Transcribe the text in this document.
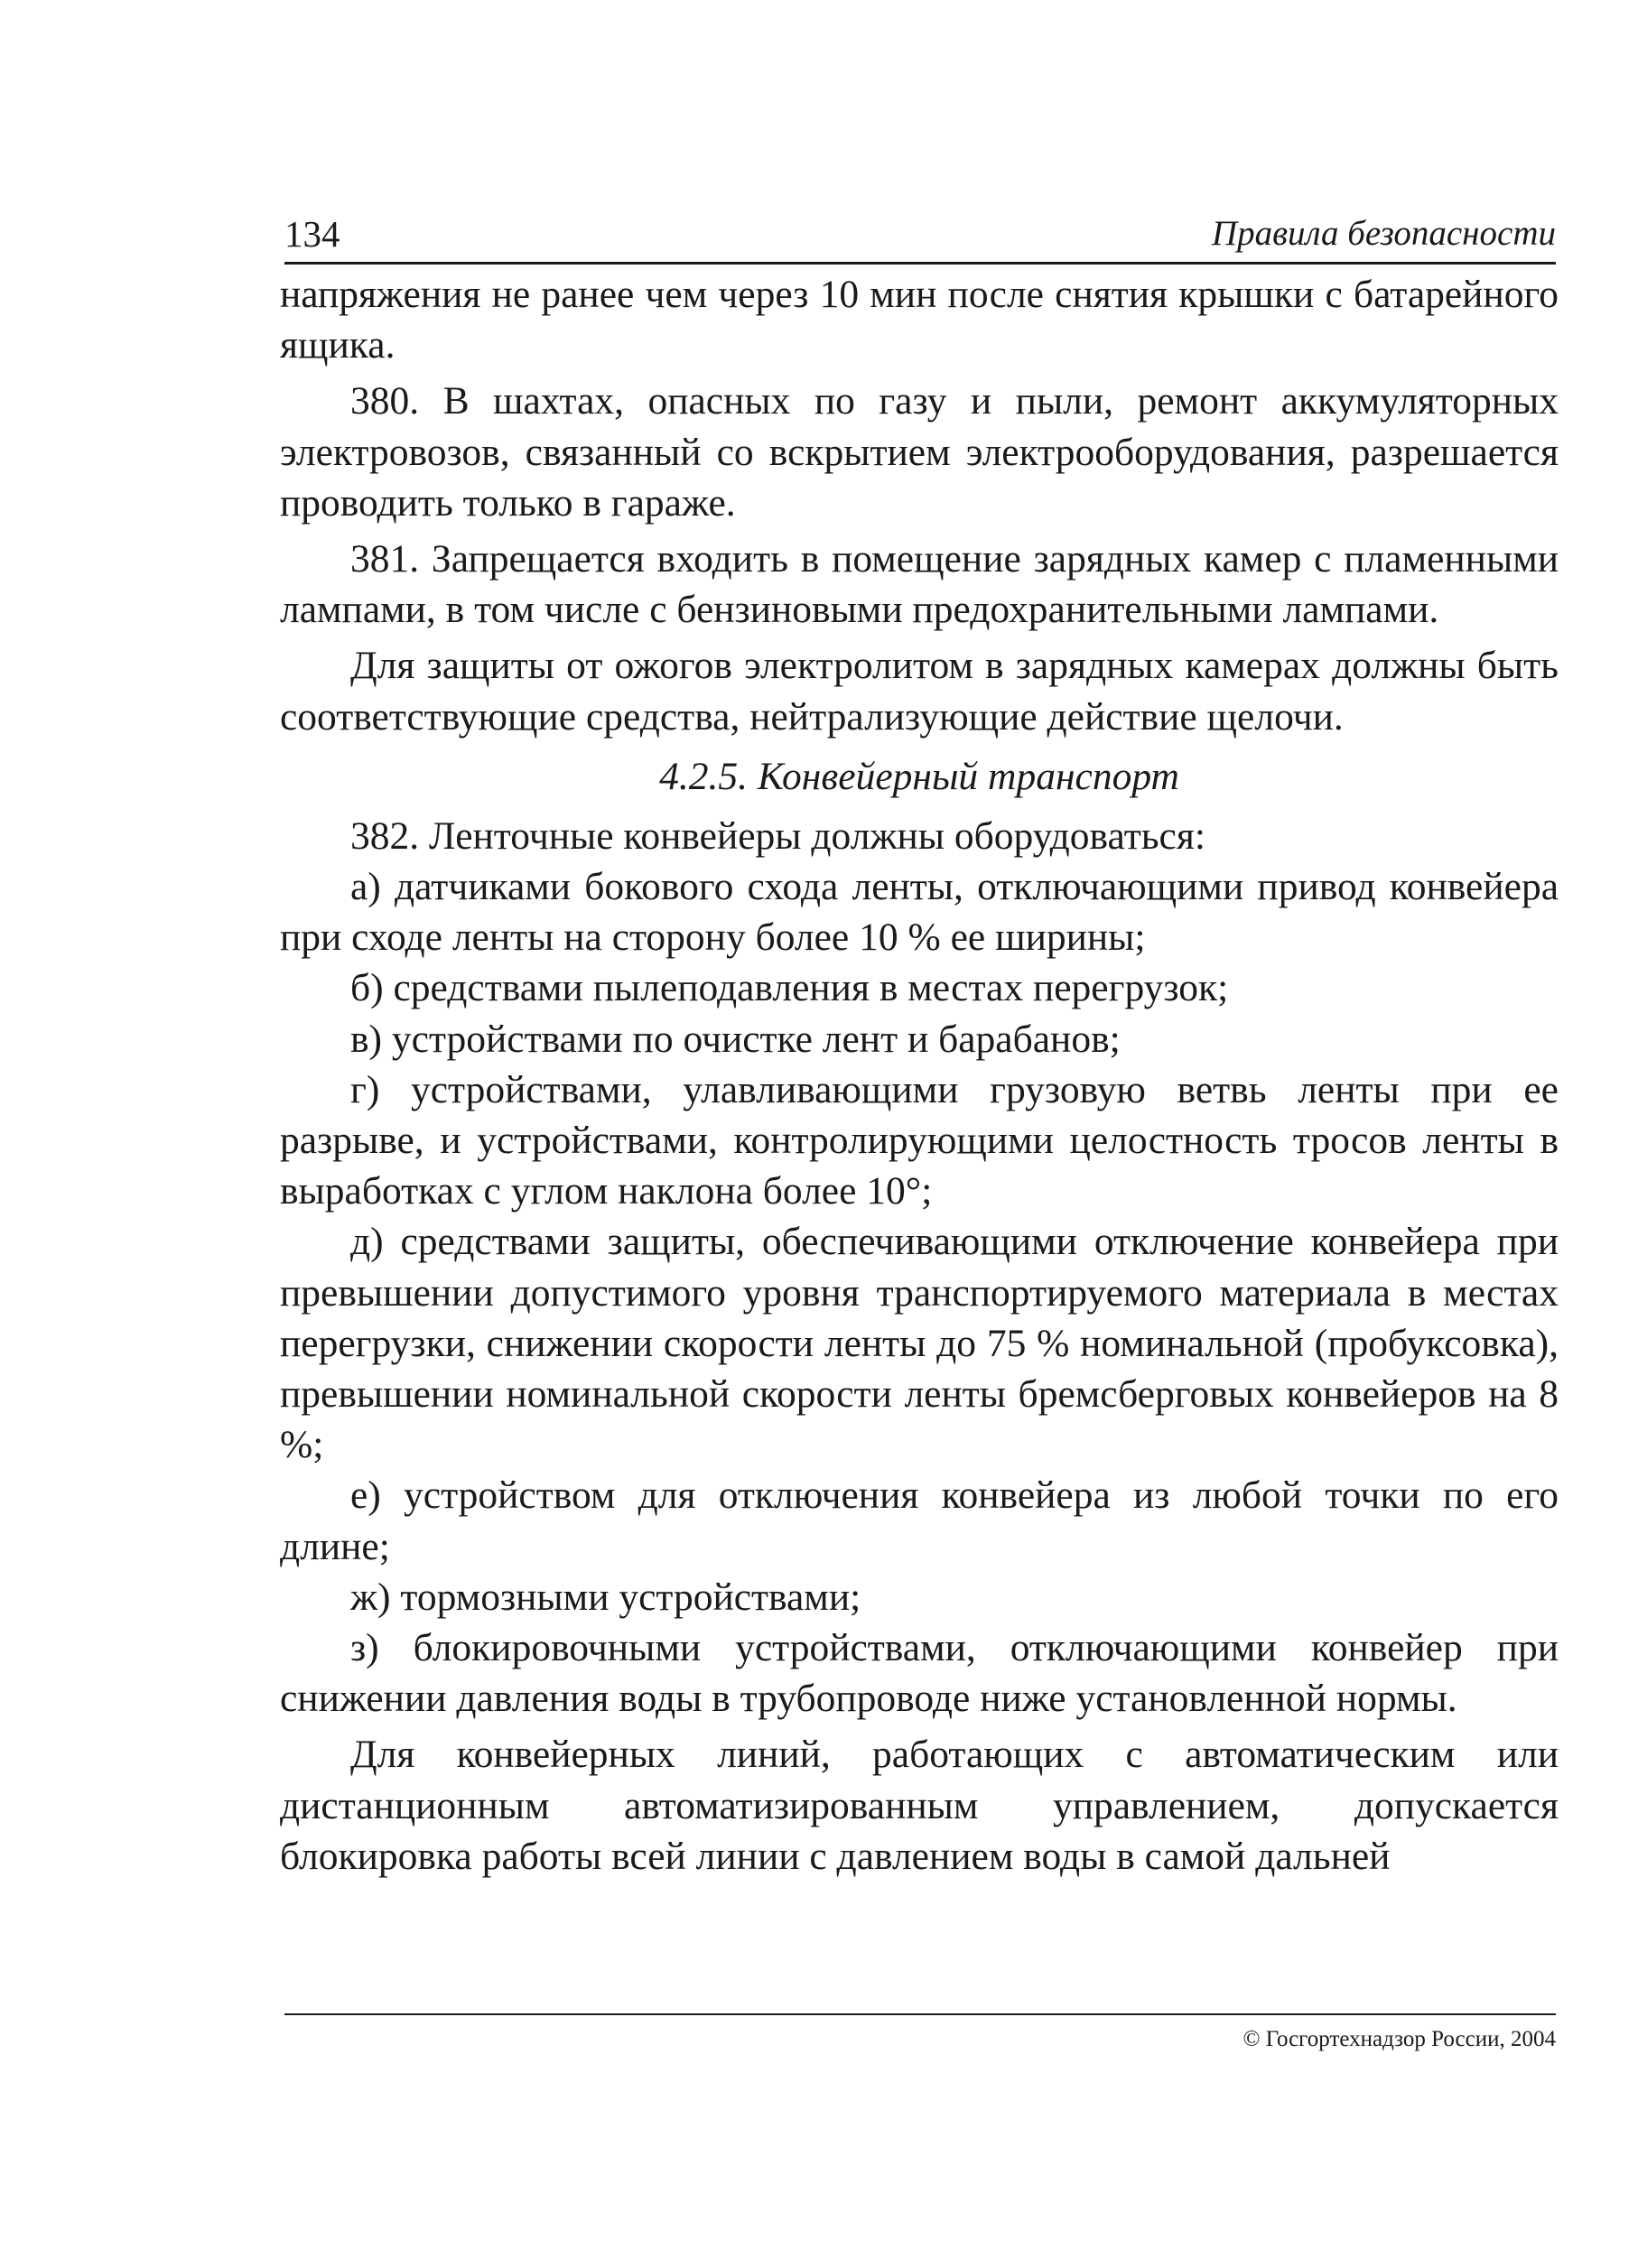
134	Правила безопасности

напряжения не ранее чем через 10 мин после снятия крышки с батарейного ящика.

380. В шахтах, опасных по газу и пыли, ремонт аккумуляторных электровозов, связанный со вскрытием электрооборудования, разрешается проводить только в гараже.

381. Запрещается входить в помещение зарядных камер с пламенными лампами, в том числе с бензиновыми предохранительными лампами.

Для защиты от ожогов электролитом в зарядных камерах должны быть соответствующие средства, нейтрализующие действие щелочи.

4.2.5. Конвейерный транспорт

382. Ленточные конвейеры должны оборудоваться:

а) датчиками бокового схода ленты, отключающими привод конвейера при сходе ленты на сторону более 10 % ее ширины;

б) средствами пылеподавления в местах перегрузок;

в) устройствами по очистке лент и барабанов;

г) устройствами, улавливающими грузовую ветвь ленты при ее разрыве, и устройствами, контролирующими целостность тросов ленты в выработках с углом наклона более 10°;

д) средствами защиты, обеспечивающими отключение конвейера при превышении допустимого уровня транспортируемого материала в местах перегрузки, снижении скорости ленты до 75 % номинальной (пробуксовка), превышении номинальной скорости ленты бремсберговых конвейеров на 8 %;

е) устройством для отключения конвейера из любой точки по его длине;

ж) тормозными устройствами;

з) блокировочными устройствами, отключающими конвейер при снижении давления воды в трубопроводе ниже установленной нормы.

Для конвейерных линий, работающих с автоматическим или дистанционным автоматизированным управлением, допускается блокировка работы всей линии с давлением воды в самой дальней

© Госгортехнадзор России, 2004
